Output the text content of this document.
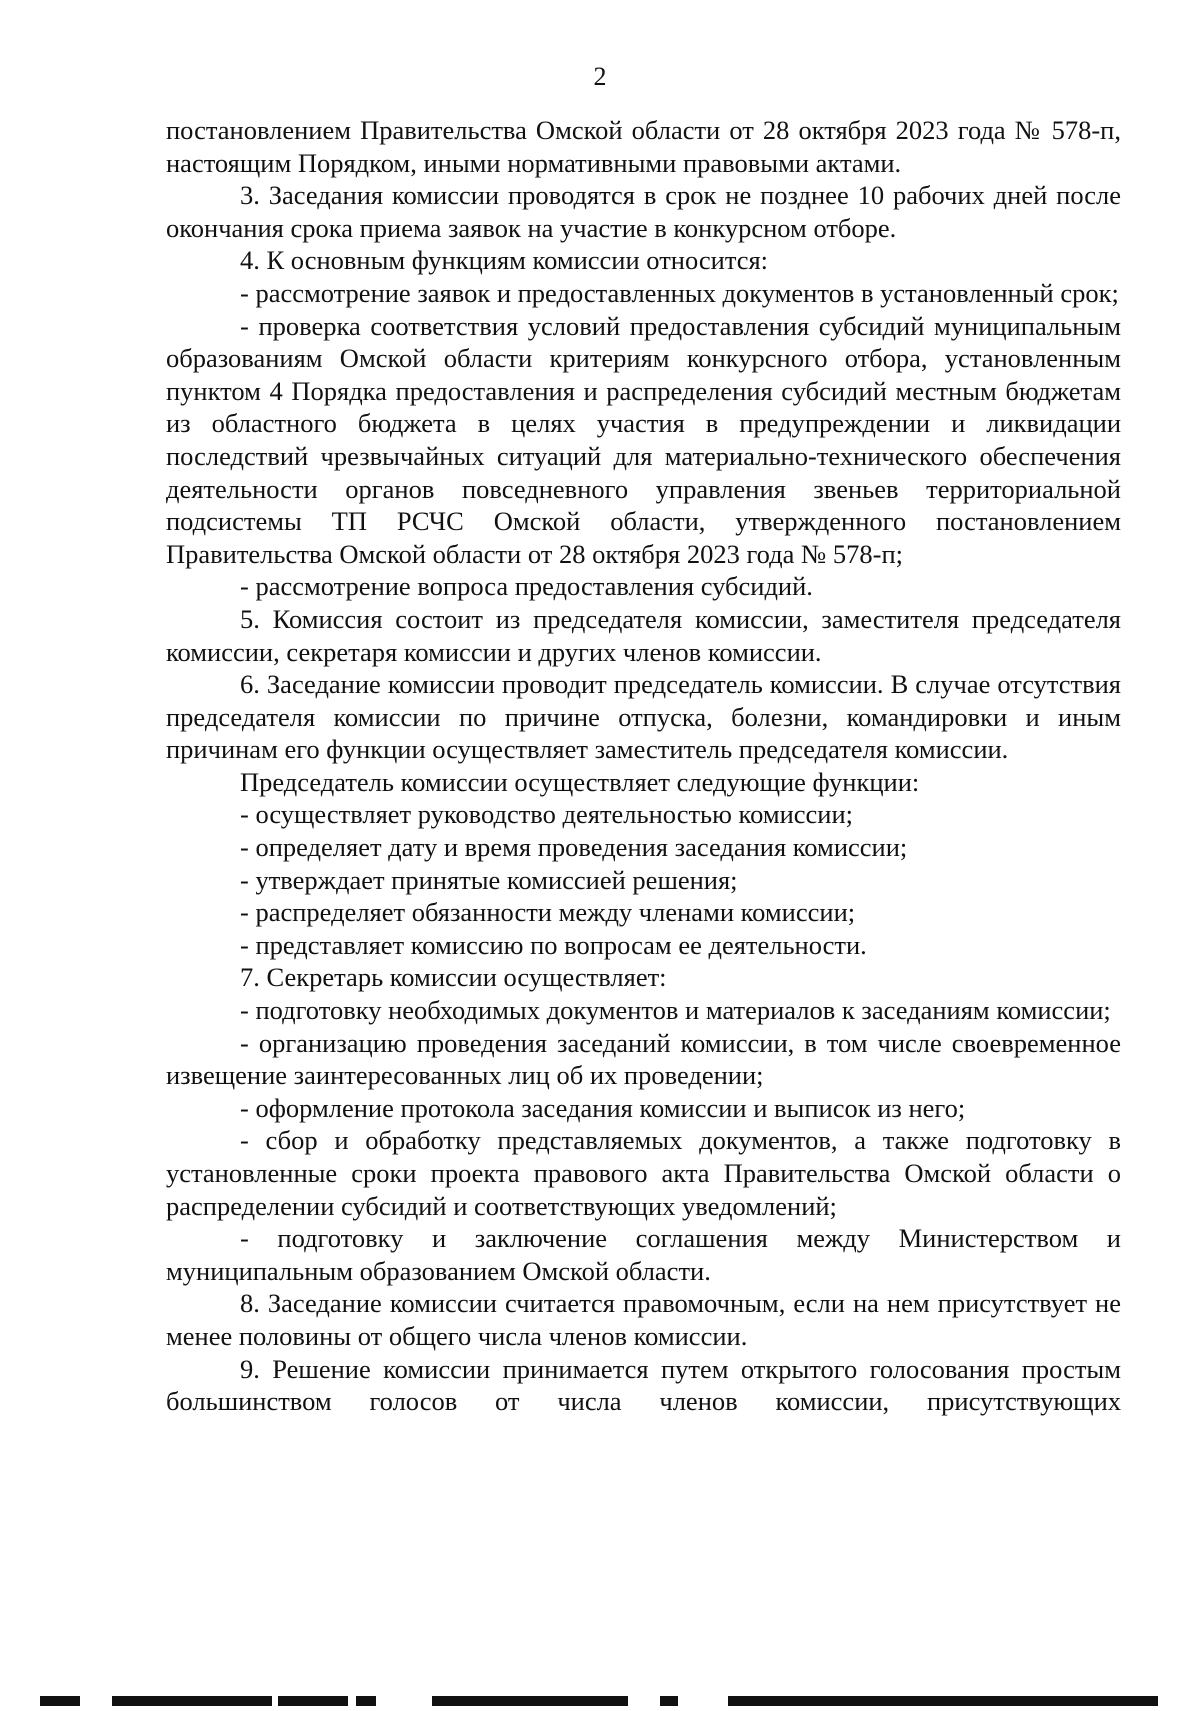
2

постановлением Правительства Омской области от 28 октября 2023 года № 578-п, настоящим Порядком, иными нормативными правовыми актами.

3. Заседания комиссии проводятся в срок не позднее 10 рабочих дней после окончания срока приема заявок на участие в конкурсном отборе.

4. К основным функциям комиссии относится:

- рассмотрение заявок и предоставленных документов в установленный срок;

- проверка соответствия условий предоставления субсидий муниципальным образованиям Омской области критериям конкурсного отбора, установленным пунктом 4 Порядка предоставления и распределения субсидий местным бюджетам из областного бюджета в целях участия в предупреждении и ликвидации последствий чрезвычайных ситуаций для материально-технического обеспечения деятельности органов повседневного управления звеньев территориальной подсистемы ТП РСЧС Омской области, утвержденного постановлением Правительства Омской области от 28 октября 2023 года № 578-п;

- рассмотрение вопроса предоставления субсидий.

5. Комиссия состоит из председателя комиссии, заместителя председателя комиссии, секретаря комиссии и других членов комиссии.

6. Заседание комиссии проводит председатель комиссии. В случае отсутствия председателя комиссии по причине отпуска, болезни, командировки и иным причинам его функции осуществляет заместитель председателя комиссии.

Председатель комиссии осуществляет следующие функции:

- осуществляет руководство деятельностью комиссии;

- определяет дату и время проведения заседания комиссии;

- утверждает принятые комиссией решения;

- распределяет обязанности между членами комиссии;

- представляет комиссию по вопросам ее деятельности.

7. Секретарь комиссии осуществляет:

- подготовку необходимых документов и материалов к заседаниям комиссии;

- организацию проведения заседаний комиссии, в том числе своевременное извещение заинтересованных лиц об их проведении;

- оформление протокола заседания комиссии и выписок из него;

- сбор и обработку представляемых документов, а также подготовку в установленные сроки проекта правового акта Правительства Омской области о распределении субсидий и соответствующих уведомлений;

- подготовку и заключение соглашения между Министерством и муниципальным образованием Омской области.

8. Заседание комиссии считается правомочным, если на нем присутствует не менее половины от общего числа членов комиссии.

9. Решение комиссии принимается путем открытого голосования простым большинством голосов от числа членов комиссии, присутствующих
